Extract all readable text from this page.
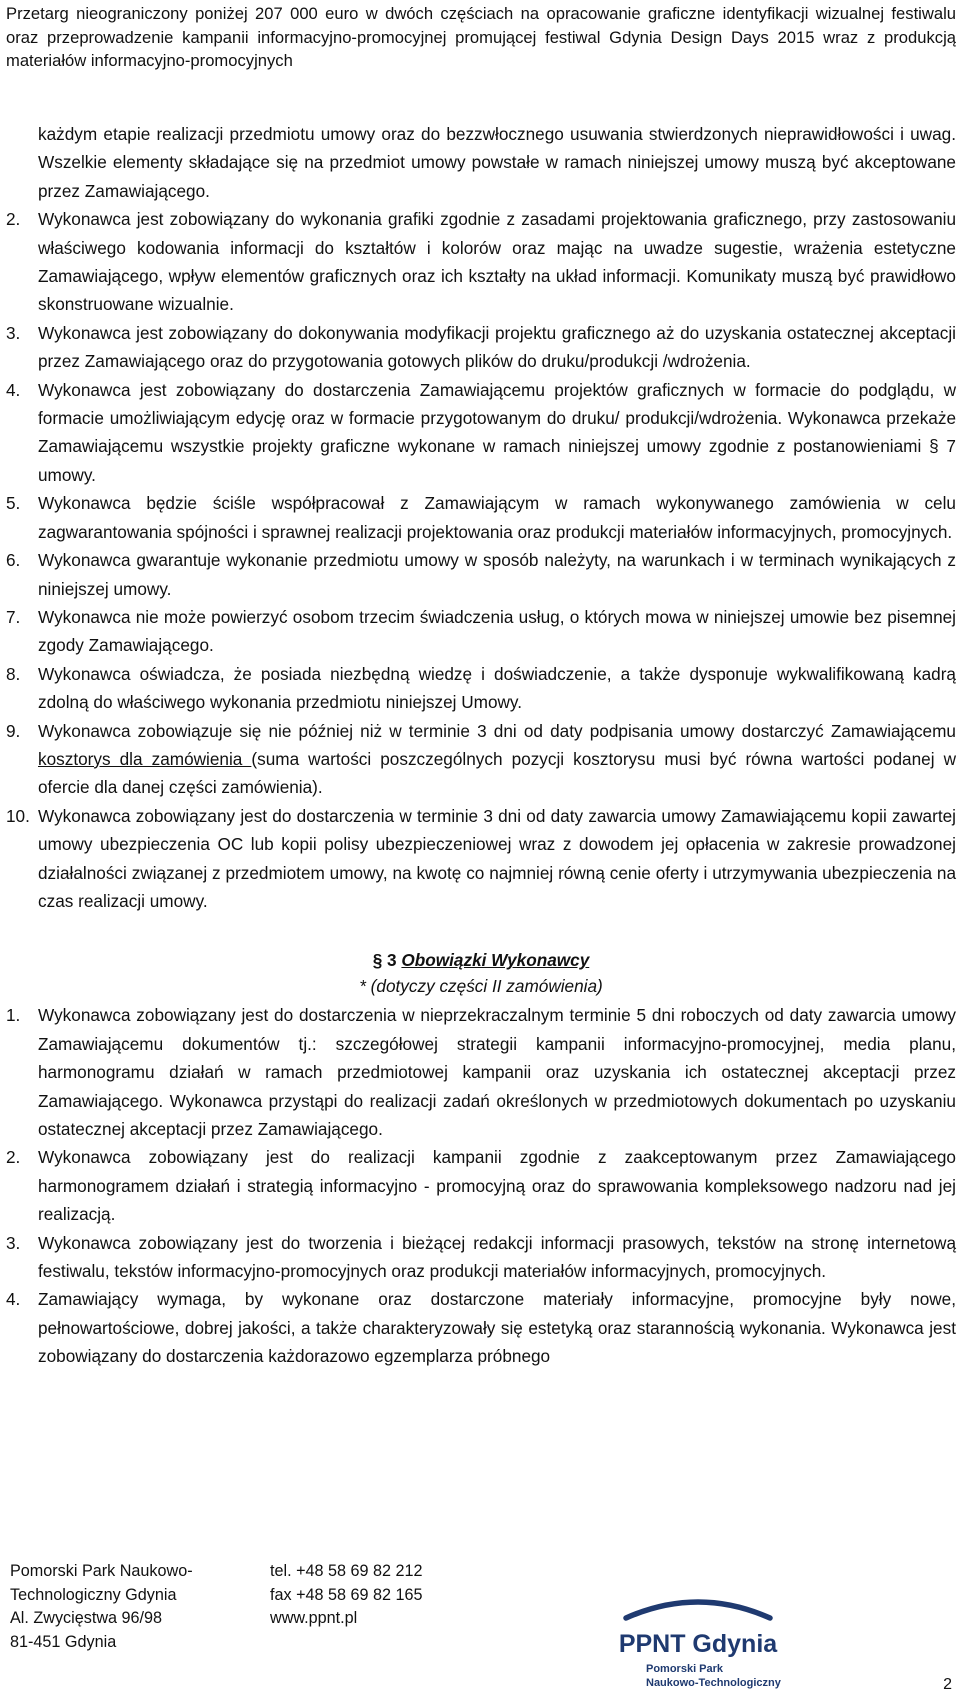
Przetarg nieograniczony poniżej 207 000 euro w dwóch częściach na opracowanie graficzne identyfikacji wizualnej festiwalu
oraz przeprowadzenie kampanii informacyjno-promocyjnej promującej festiwal Gdynia Design Days 2015 wraz z produkcją
materiałów informacyjno-promocyjnych

każdym etapie realizacji przedmiotu umowy oraz do bezzwłocznego usuwania stwierdzonych nieprawidłowości i uwag. Wszelkie elementy składające się na przedmiot umowy powstałe w ramach niniejszej umowy muszą być akceptowane przez Zamawiającego.

2. Wykonawca jest zobowiązany do wykonania grafiki zgodnie z zasadami projektowania graficznego, przy zastosowaniu właściwego kodowania informacji do kształtów i kolorów oraz mając na uwadze sugestie, wrażenia estetyczne Zamawiającego, wpływ elementów graficznych oraz ich kształty na układ informacji. Komunikaty muszą być prawidłowo skonstruowane wizualnie.
3. Wykonawca jest zobowiązany do dokonywania modyfikacji projektu graficznego aż do uzyskania ostatecznej akceptacji przez Zamawiającego oraz do przygotowania gotowych plików do druku/produkcji /wdrożenia.
4. Wykonawca jest zobowiązany do dostarczenia Zamawiającemu projektów graficznych w formacie do podglądu, w formacie umożliwiającym edycję oraz w formacie przygotowanym do druku/ produkcji/wdrożenia. Wykonawca przekaże Zamawiającemu wszystkie projekty graficzne wykonane w ramach niniejszej umowy zgodnie z postanowieniami § 7 umowy.
5. Wykonawca będzie ściśle współpracował z Zamawiającym w ramach wykonywanego zamówienia w celu zagwarantowania spójności i sprawnej realizacji projektowania oraz produkcji materiałów informacyjnych, promocyjnych.
6. Wykonawca gwarantuje wykonanie przedmiotu umowy w sposób należyty, na warunkach i w terminach wynikających z niniejszej umowy.
7. Wykonawca nie może powierzyć osobom trzecim świadczenia usług, o których mowa w niniejszej umowie bez pisemnej zgody Zamawiającego.
8. Wykonawca oświadcza, że posiada niezbędną wiedzę i doświadczenie, a także dysponuje wykwalifikowaną kadrą zdolną do właściwego wykonania przedmiotu niniejszej Umowy.
9. Wykonawca zobowiązuje się nie później niż w terminie 3 dni od daty podpisania umowy dostarczyć Zamawiającemu kosztorys dla zamówienia (suma wartości poszczególnych pozycji kosztorysu musi być równa wartości podanej w ofercie dla danej części zamówienia).
10. Wykonawca zobowiązany jest do dostarczenia w terminie 3 dni od daty zawarcia umowy Zamawiającemu kopii zawartej umowy ubezpieczenia OC lub kopii polisy ubezpieczeniowej wraz z dowodem jej opłacenia w zakresie prowadzonej działalności związanej z przedmiotem umowy, na kwotę co najmniej równą cenie oferty i utrzymywania ubezpieczenia na czas realizacji umowy.
§ 3 Obowiązki Wykonawcy
* (dotyczy części II zamówienia)
1. Wykonawca zobowiązany jest do dostarczenia w nieprzekraczalnym terminie 5 dni roboczych od daty zawarcia umowy Zamawiającemu dokumentów tj.: szczegółowej strategii kampanii informacyjno-promocyjnej, media planu, harmonogramu działań w ramach przedmiotowej kampanii oraz uzyskania ich ostatecznej akceptacji przez Zamawiającego. Wykonawca przystąpi do realizacji zadań określonych w przedmiotowych dokumentach po uzyskaniu ostatecznej akceptacji przez Zamawiającego.
2. Wykonawca zobowiązany jest do realizacji kampanii zgodnie z zaakceptowanym przez Zamawiającego harmonogramem działań i strategią informacyjno - promocyjną oraz do sprawowania kompleksowego nadzoru nad jej realizacją.
3. Wykonawca zobowiązany jest do tworzenia i bieżącej redakcji informacji prasowych, tekstów na stronę internetową festiwalu, tekstów informacyjno-promocyjnych oraz produkcji materiałów informacyjnych, promocyjnych.
4. Zamawiający wymaga, by wykonane oraz dostarczone materiały informacyjne, promocyjne były nowe, pełnowartościowe, dobrej jakości, a także charakteryzowały się estetyką oraz starannością wykonania. Wykonawca jest zobowiązany do dostarczenia każdorazowo egzemplarza próbnego
Pomorski Park Naukowo-
Technologiczny Gdynia
Al. Zwycięstwa 96/98
81-451 Gdynia
tel. +48 58 69 82 212
fax +48 58 69 82 165
www.ppnt.pl
PPNT Gdynia
Pomorski Park
Naukowo-Technologiczny	2
